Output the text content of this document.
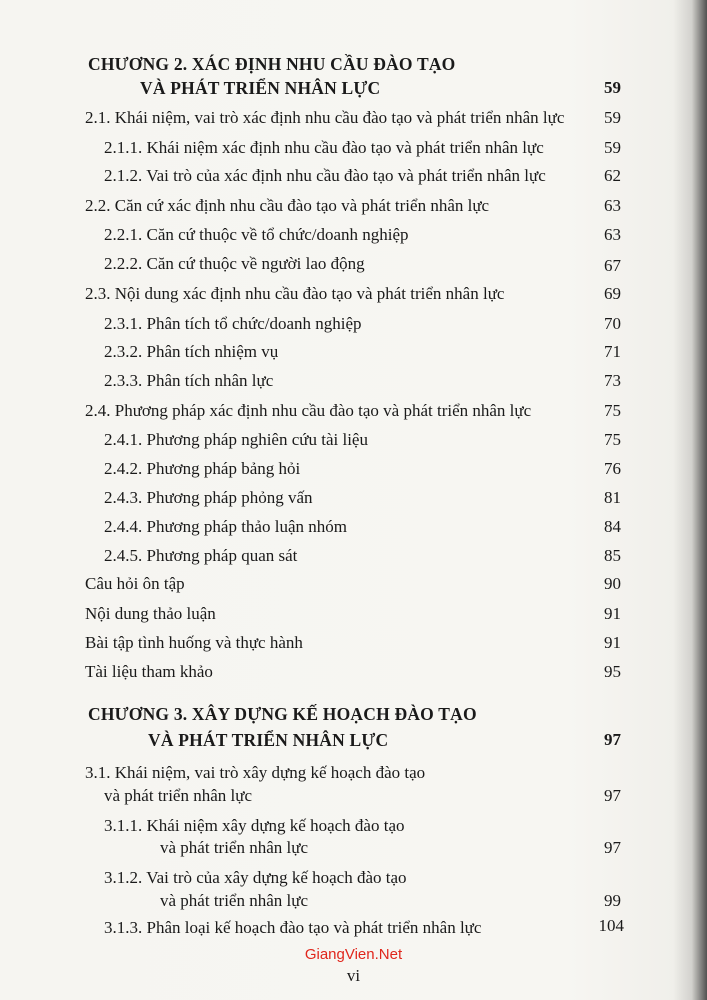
CHƯƠNG 2. XÁC ĐỊNH NHU CẦU ĐÀO TẠO
VÀ PHÁT TRIỂN NHÂN LỰC	59
2.1. Khái niệm, vai trò xác định nhu cầu đào tạo và phát triển nhân lực	59
2.1.1. Khái niệm xác định nhu cầu đào tạo và phát triển nhân lực	59
2.1.2. Vai trò của xác định nhu cầu đào tạo và phát triển nhân lực	62
2.2. Căn cứ xác định nhu cầu đào tạo và phát triển nhân lực	63
2.2.1. Căn cứ thuộc về tổ chức/doanh nghiệp	63
2.2.2. Căn cứ thuộc về người lao động	67
2.3. Nội dung xác định nhu cầu đào tạo và phát triển nhân lực	69
2.3.1. Phân tích tổ chức/doanh nghiệp	70
2.3.2. Phân tích nhiệm vụ	71
2.3.3. Phân tích nhân lực	73
2.4. Phương pháp xác định nhu cầu đào tạo và phát triển nhân lực	75
2.4.1. Phương pháp nghiên cứu tài liệu	75
2.4.2. Phương pháp bảng hỏi	76
2.4.3. Phương pháp phỏng vấn	81
2.4.4. Phương pháp thảo luận nhóm	84
2.4.5. Phương pháp quan sát	85
Câu hỏi ôn tập	90
Nội dung thảo luận	91
Bài tập tình huống và thực hành	91
Tài liệu tham khảo	95
CHƯƠNG 3. XÂY DỰNG KẾ HOẠCH ĐÀO TẠO
VÀ PHÁT TRIỂN NHÂN LỰC	97
3.1. Khái niệm, vai trò xây dựng kế hoạch đào tạo
và phát triển nhân lực	97
3.1.1. Khái niệm xây dựng kế hoạch đào tạo
và phát triển nhân lực	97
3.1.2. Vai trò của xây dựng kế hoạch đào tạo
và phát triển nhân lực	99
3.1.3. Phân loại kế hoạch đào tạo và phát triển nhân lực	104
GiangVien.Net
vi
